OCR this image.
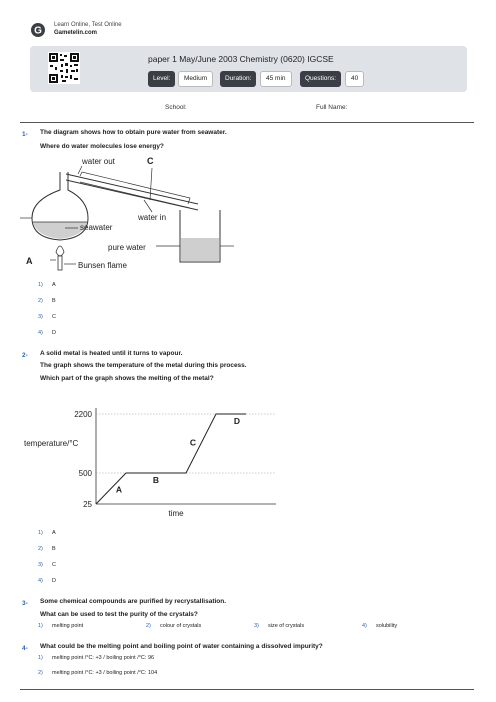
G
Learn Online, Test Online
Gametelin.com
paper 1 May/June 2003 Chemistry (0620) IGCSE
Level:	Medium	Duration:	45 min	Questions:	40
School:	Full Name:
1- The diagram shows how to obtain pure water from seawater.
Where do water molecules lose energy?
water out	C
water in
seawater
pure water
A	Bunsen flame
1) A
2) B
3) C
4) D
2- A solid metal is heated until it turns to vapour.
The graph shows the temperature of the metal during this process.
Which part of the graph shows the melting of the metal?
25
500
2200
A
B
C
D
temperature/°C
time
1) A
2) B
3) C
4) D
3- Some chemical compounds are purified by recrystallisation.
What can be used to test the purity of the crystals?
1) melting point	2) colour of crystals	3) size of crystals	4) solubility
4- What could be the melting point and boiling point of water containing a dissolved impurity?
1) melting point /°C: +3 / boiling point /°C: 96
2) melting point /°C: +3 / boiling point /°C: 104
